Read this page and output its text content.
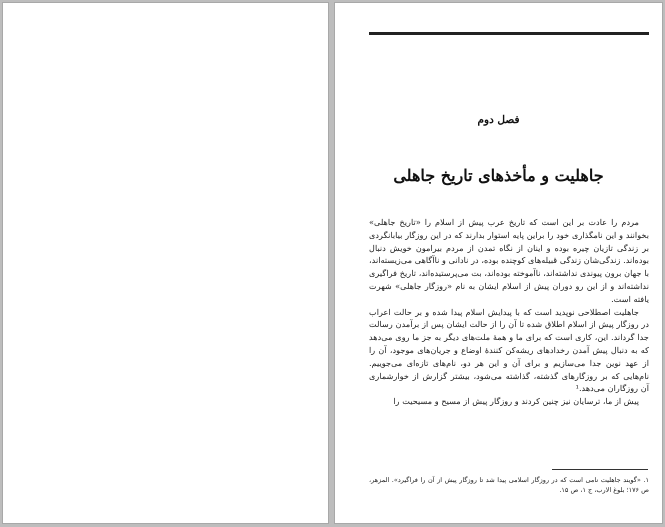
فصل دوم
جاهلیت و مأخذهای تاریخ جاهلی

مردم را عادت بر این است که تاریخ عرب پیش از اسلام را «تاریخ جاهلی» بخوانند و این نامگذاری خود را براین پایه استوار بدارند که در این روزگار بیابانگردی بر زندگی تازیان چیره بوده و اینان از نگاه تمدن از مردم بیرامون خویش دنبال بوده‌اند. زندگی‌شان زندگی قبیله‌های کوچنده بوده، در نادانی و ناآگاهی می‌زیسته‌اند، با جهان برون پیوندی نداشته‌اند، ناآموخته بوده‌اند، بت می‌پرستیده‌اند، تاریخ فراگیری نداشته‌اند و از این رو دوران پیش از اسلام ایشان به نام «روزگار جاهلی» شهرت یافته است.

جاهلیت اصطلاحی نوپدید است که با پیدایش اسلام پیدا شده و بر حالت اعراب در روزگار پیش از اسلام اطلاق شده تا آن را از حالت ایشان پس از برآمدن رسالت جدا گرداند. این، کاری است که برای ما و همهٔ ملت‌های دیگر به جز ما روی می‌دهد که به دنبال پیش آمدن رخدادهای ریشه‌کن کنندهٔ اوضاع و جریان‌های موجود، آن را از عهد نوین جدا می‌سازیم و برای آن و این هر دو، نام‌های تازه‌ای می‌جوییم. نام‌هایی که بر روزگارهای گذشته، گذاشته می‌شود، بیشتر گزارش از خوارشماری آن روزگاران می‌دهد.¹

پیش از ما، ترسایان نیز چنین کردند و روزگار پیش از مسیح و مسیحیت را

۱. «گویند جاهلیت نامی است که در روزگار اسلامی پیدا شد تا روزگار پیش از آن را فراگیرد». المزهر، ص ۱۷۶؛ بلوغ الارب، ج ۱، ص ۱۵.
